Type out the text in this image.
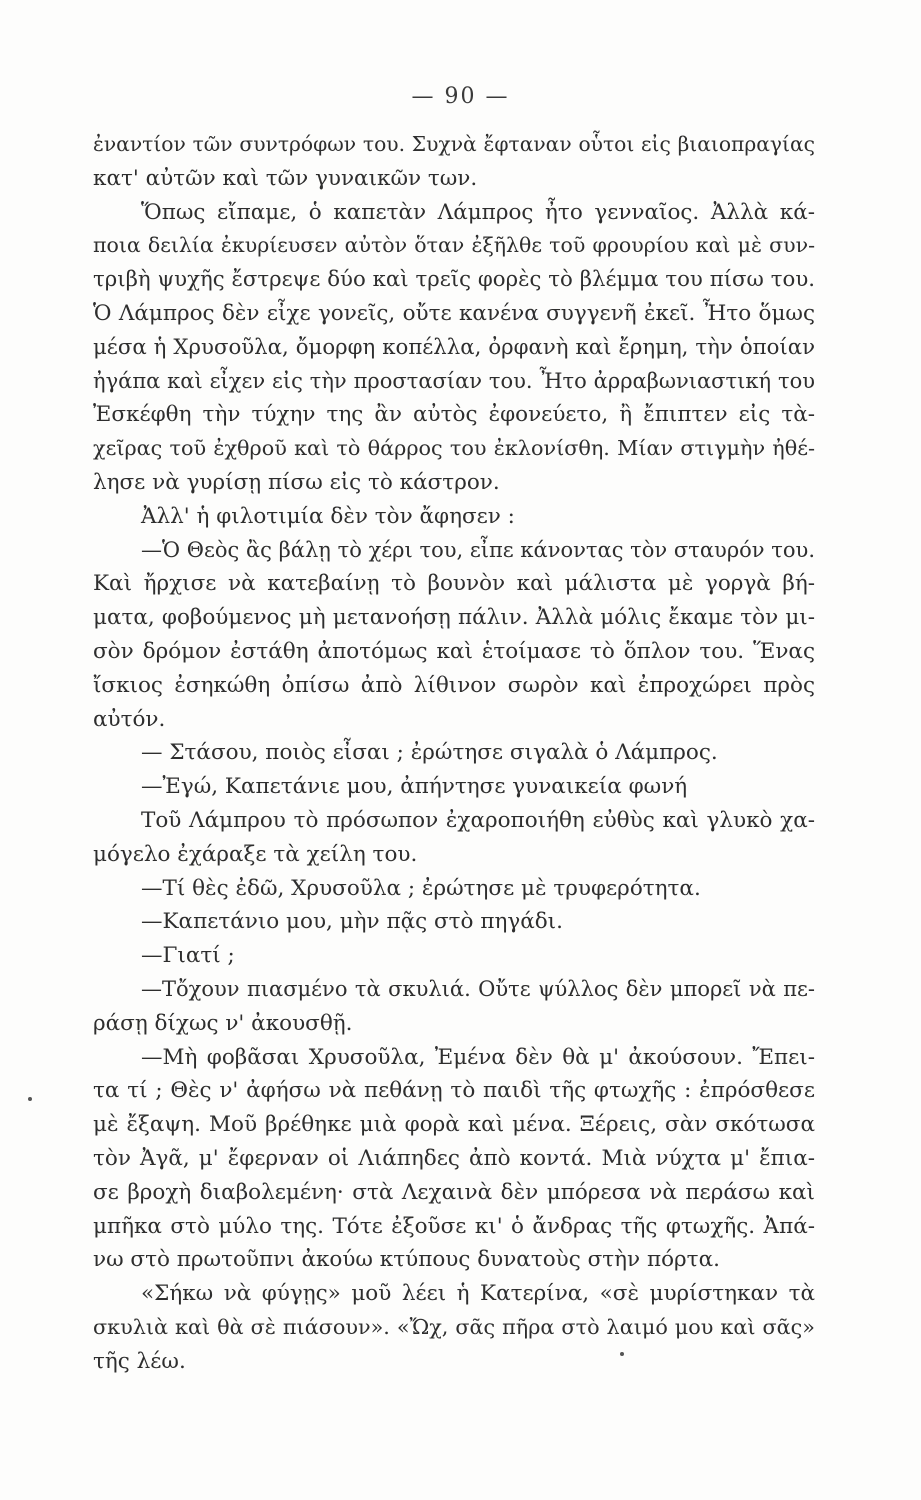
— 90 —
ἐναντίον τῶν συντρόφων του. Συχνὰ ἔφταναν οὗτοι εἰς βιαιοπραγίας
κατ' αὐτῶν καὶ τῶν γυναικῶν των.
Ὅπως εἴπαμε, ὁ καπετὰν Λάμπρος ἦτο γενναῖος. Ἀλλὰ κά-
ποια δειλία ἐκυρίευσεν αὐτὸν ὅταν ἐξῆλθε τοῦ φρουρίου καὶ μὲ συν-
τριβὴ ψυχῆς ἔστρεψε δύο καὶ τρεῖς φορὲς τὸ βλέμμα του πίσω του.
Ὁ Λάμπρος δὲν εἶχε γονεῖς, οὔτε κανένα συγγενῆ ἐκεῖ. Ἦτο ὅμως
μέσα ἡ Χρυσοῦλα, ὄμορφη κοπέλλα, ὀρφανὴ καὶ ἔρημη, τὴν ὁποίαν
ἠγάπα καὶ εἶχεν εἰς τὴν προστασίαν του. Ἦτο ἀρραβωνιαστική του
Ἐσκέφθη τὴν τύχην της ἂν αὐτὸς ἐφονεύετο, ἢ ἔπιπτεν εἰς τὰ-
χεῖρας τοῦ ἐχθροῦ καὶ τὸ θάρρος του ἐκλονίσθη. Μίαν στιγμὴν ἠθέ-
λησε νὰ γυρίσῃ πίσω εἰς τὸ κάστρον.
Ἀλλ' ἡ φιλοτιμία δὲν τὸν ἄφησεν :
—Ὁ Θεὸς ἂς βάλῃ τὸ χέρι του, εἶπε κάνοντας τὸν σταυρόν του.
Καὶ ἤρχισε νὰ κατεβαίνῃ τὸ βουνὸν καὶ μάλιστα μὲ γοργὰ βή-
ματα, φοβούμενος μὴ μετανοήσῃ πάλιν. Ἀλλὰ μόλις ἔκαμε τὸν μι-
σὸν δρόμον ἐστάθη ἀποτόμως καὶ ἑτοίμασε τὸ ὅπλον του. Ἕνας
ἴσκιος ἐσηκώθη ὀπίσω ἀπὸ λίθινον σωρὸν καὶ ἐπροχώρει πρὸς
αὐτόν.
— Στάσου, ποιὸς εἶσαι ; ἐρώτησε σιγαλὰ ὁ Λάμπρος.
—Ἐγώ, Καπετάνιε μου, ἀπήντησε γυναικεία φωνή
Τοῦ Λάμπρου τὸ πρόσωπον ἐχαροποιήθη εὐθὺς καὶ γλυκὸ χα-
μόγελο ἐχάραξε τὰ χείλη του.
—Τί θὲς ἐδῶ, Χρυσοῦλα ; ἐρώτησε μὲ τρυφερότητα.
—Καπετάνιο μου, μὴν πᾷς στὸ πηγάδι.
—Γιατί ;
—Τὄχουν πιασμένο τὰ σκυλιά. Οὔτε ψύλλος δὲν μπορεῖ νὰ πε-
ράσῃ δίχως ν' ἀκουσθῇ.
—Μὴ φοβᾶσαι Χρυσοῦλα, Ἐμένα δὲν θὰ μ' ἀκούσουν. Ἔπει-
τα τί ; Θὲς ν' ἀφήσω νὰ πεθάνῃ τὸ παιδὶ τῆς φτωχῆς : ἐπρόσθεσε
μὲ ἔξαψη. Μοῦ βρέθηκε μιὰ φορὰ καὶ μένα. Ξέρεις, σὰν σκότωσα
τὸν Ἀγᾶ, μ' ἔφερναν οἱ Λιάπηδες ἀπὸ κοντά. Μιὰ νύχτα μ' ἔπια-
σε βροχὴ διαβολεμένη· στὰ Λεχαινὰ δὲν μπόρεσα νὰ περάσω καὶ
μπῆκα στὸ μύλο της. Τότε ἐξοῦσε κι' ὁ ἄνδρας τῆς φτωχῆς. Ἀπά-
νω στὸ πρωτοῦπνι ἀκούω κτύπους δυνατοὺς στὴν πόρτα.
«Σήκω νὰ φύγῃς» μοῦ λέει ἡ Κατερίνα, «σὲ μυρίστηκαν τὰ
σκυλιὰ καὶ θὰ σὲ πιάσουν». «Ὤχ, σᾶς πῆρα στὸ λαιμό μου καὶ σᾶς»
τῆς λέω.
